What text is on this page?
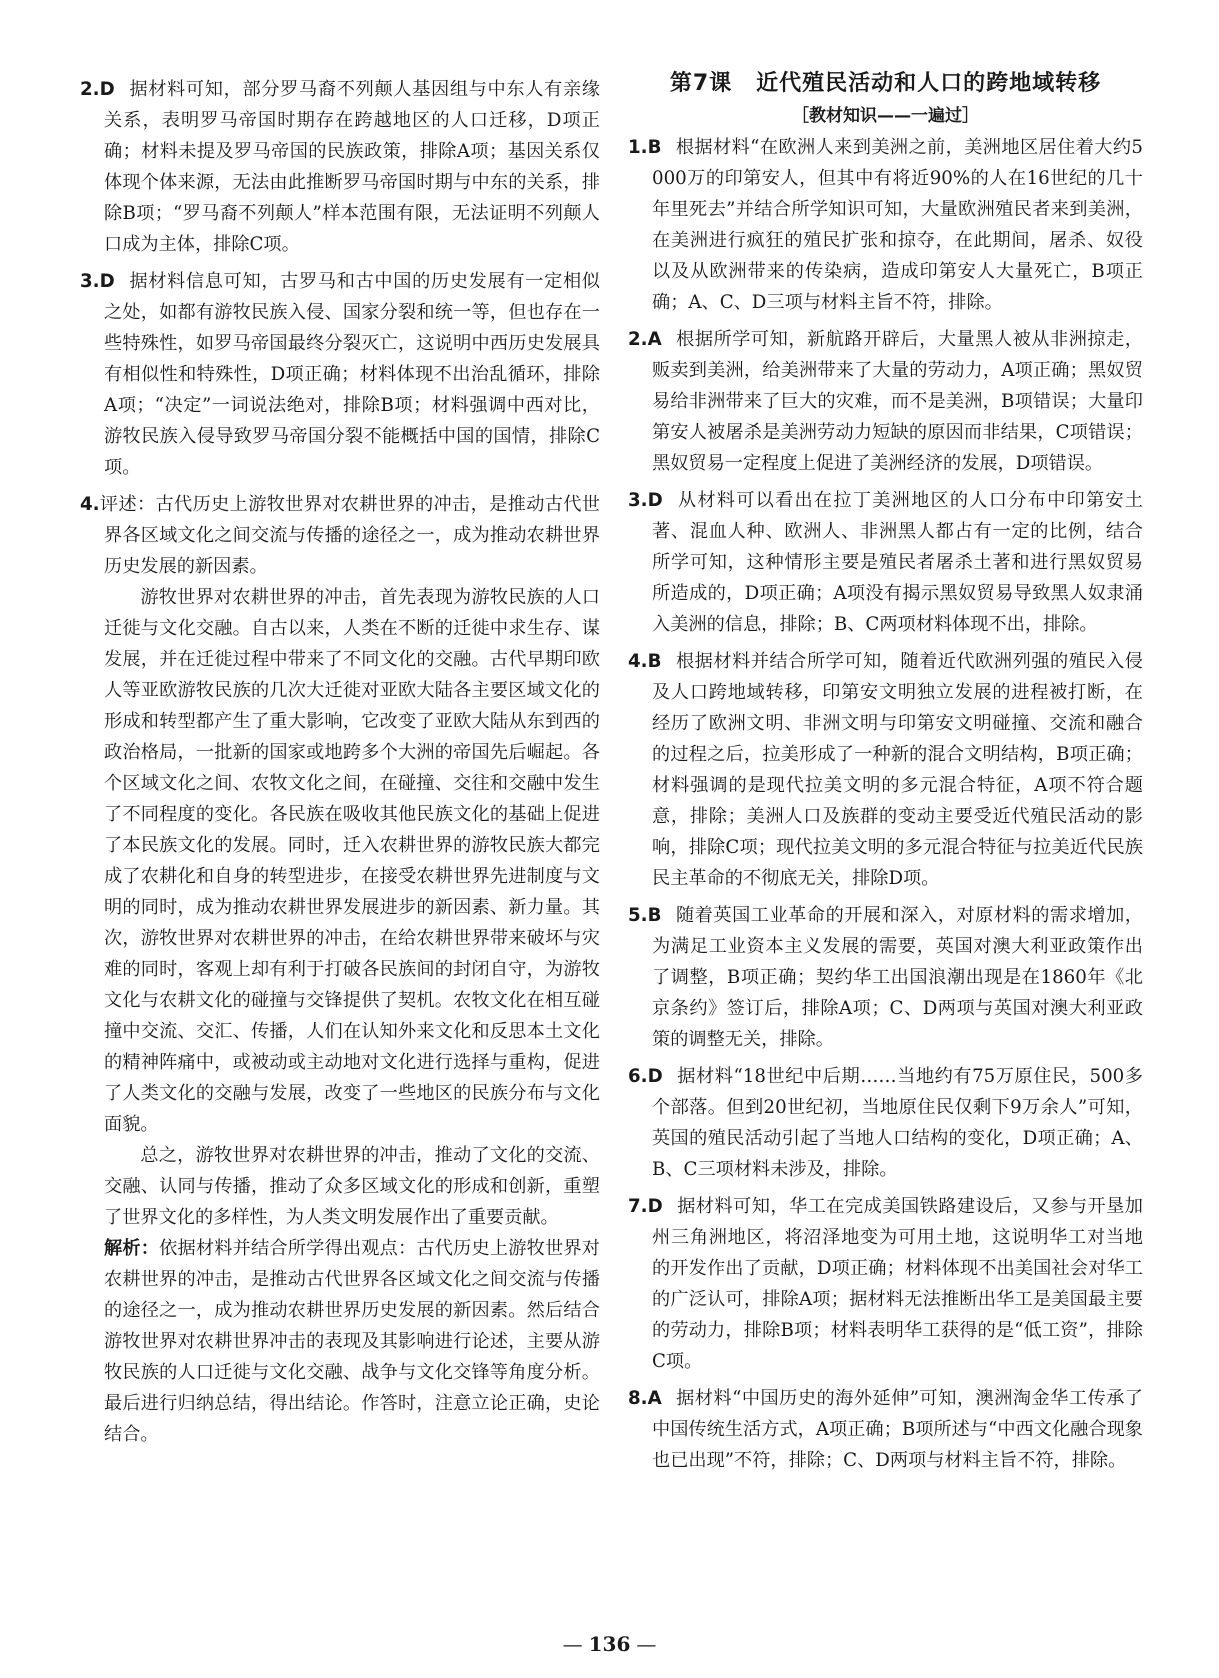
2.D 据材料可知，部分罗马裔不列颠人基因组与中东人有亲缘关系，表明罗马帝国时期存在跨越地区的人口迁移，D项正确；材料未提及罗马帝国的民族政策，排除A项；基因关系仅体现个体来源，无法由此推断罗马帝国时期与中东的关系，排除B项；“罗马裔不列颠人”样本范围有限，无法证明不列颠人口成为主体，排除C项。
3.D 据材料信息可知，古罗马和古中国的历史发展有一定相似之处，如都有游牧民族入侵、国家分裂和统一等，但也存在一些特殊性，如罗马帝国最终分裂灭亡，这说明中西历史发展具有相似性和特殊性，D项正确；材料体现不出治乱循环，排除A项；“决定”一词说法绝对，排除B项；材料强调中西对比，游牧民族入侵导致罗马帝国分裂不能概括中国的国情，排除C项。
4.评述：古代历史上游牧世界对农耕世界的冲击，是推动古代世界各区域文化之间交流与传播的途径之一，成为推动农耕世界历史发展的新因素。

游牧世界对农耕世界的冲击，首先表现为游牧民族的人口迁徙与文化交融。自古以来，人类在不断的迁徙中求生存、谋发展，并在迁徙过程中带来了不同文化的交融。古代早期印欧人等亚欧游牧民族的几次大迁徙对亚欧大陆各主要区域文化的形成和转型都产生了重大影响，它改变了亚欧大陆从东到西的政治格局，一批新的国家或地跨多个大洲的帝国先后崛起。各个区域文化之间、农牧文化之间，在碰撞、交往和交融中发生了不同程度的变化。各民族在吸收其他民族文化的基础上促进了本民族文化的发展。同时，迁入农耕世界的游牧民族大都完成了农耕化和自身的转型进步，在接受农耕世界先进制度与文明的同时，成为推动农耕世界发展进步的新因素、新力量。其次，游牧世界对农耕世界的冲击，在给农耕世界带来破坏与灾难的同时，客观上却有利于打破各民族间的封闭自守，为游牧文化与农耕文化的碰撞与交锋提供了契机。农牧文化在相互碰撞中交流、交汇、传播，人们在认知外来文化和反思本土文化的精神阵痛中，或被动或主动地对文化进行选择与重构，促进了人类文化的交融与发展，改变了一些地区的民族分布与文化面貌。

总之，游牧世界对农耕世界的冲击，推动了文化的交流、交融、认同与传播，推动了众多区域文化的形成和创新，重塑了世界文化的多样性，为人类文明发展作出了重要贡献。

解析：依据材料并结合所学得出观点：古代历史上游牧世界对农耕世界的冲击，是推动古代世界各区域文化之间交流与传播的途径之一，成为推动农耕世界历史发展的新因素。然后结合游牧世界对农耕世界冲击的表现及其影响进行论述，主要从游牧民族的人口迁徙与文化交融、战争与文化交锋等角度分析。最后进行归纳总结，得出结论。作答时，注意立论正确，史论结合。
第7课 近代殖民活动和人口的跨地域转移
［教材知识——一遍过］
1.B 根据材料“在欧洲人来到美洲之前，美洲地区居住着大约5 000万的印第安人，但其中有将近90%的人在16世纪的几十年里死去”并结合所学知识可知，大量欧洲殖民者来到美洲，在美洲进行疯狂的殖民扩张和掠夺，在此期间，屠杀、奴役以及从欧洲带来的传染病，造成印第安人大量死亡，B项正确；A、C、D三项与材料主旨不符，排除。
2.A 根据所学可知，新航路开辟后，大量黑人被从非洲掠走，贩卖到美洲，给美洲带来了大量的劳动力，A项正确；黑奴贸易给非洲带来了巨大的灾难，而不是美洲，B项错误；大量印第安人被屠杀是美洲劳动力短缺的原因而非结果，C项错误；黑奴贸易一定程度上促进了美洲经济的发展，D项错误。
3.D 从材料可以看出在拉丁美洲地区的人口分布中印第安土著、混血人种、欧洲人、非洲黑人都占有一定的比例，结合所学可知，这种情形主要是殖民者屠杀土著和进行黑奴贸易所造成的，D项正确；A项没有揭示黑奴贸易导致黑人奴隶涌入美洲的信息，排除；B、C两项材料体现不出，排除。
4.B 根据材料并结合所学可知，随着近代欧洲列强的殖民入侵及人口跨地域转移，印第安文明独立发展的进程被打断，在经历了欧洲文明、非洲文明与印第安文明碰撞、交流和融合的过程之后，拉美形成了一种新的混合文明结构，B项正确；材料强调的是现代拉美文明的多元混合特征，A项不符合题意，排除；美洲人口及族群的变动主要受近代殖民活动的影响，排除C项；现代拉美文明的多元混合特征与拉美近代民族民主革命的不彻底无关，排除D项。
5.B 随着英国工业革命的开展和深入，对原材料的需求增加，为满足工业资本主义发展的需要，英国对澳大利亚政策作出了调整，B项正确；契约华工出国浪潮出现是在1860年《北京条约》签订后，排除A项；C、D两项与英国对澳大利亚政策的调整无关，排除。
6.D 据材料“18世纪中后期……当地约有75万原住民，500多个部落。但到20世纪初，当地原住民仅剩下9万余人”可知，英国的殖民活动引起了当地人口结构的变化，D项正确；A、B、C三项材料未涉及，排除。
7.D 据材料可知，华工在完成美国铁路建设后，又参与开垦加州三角洲地区，将沼泽地变为可用土地，这说明华工对当地的开发作出了贡献，D项正确；材料体现不出美国社会对华工的广泛认可，排除A项；据材料无法推断出华工是美国最主要的劳动力，排除B项；材料表明华工获得的是“低工资”，排除C项。
8.A 据材料“中国历史的海外延伸”可知，澳洲淘金华工传承了中国传统生活方式，A项正确；B项所述与“中西文化融合现象也已出现”不符，排除；C、D两项与材料主旨不符，排除。
— 136 —
